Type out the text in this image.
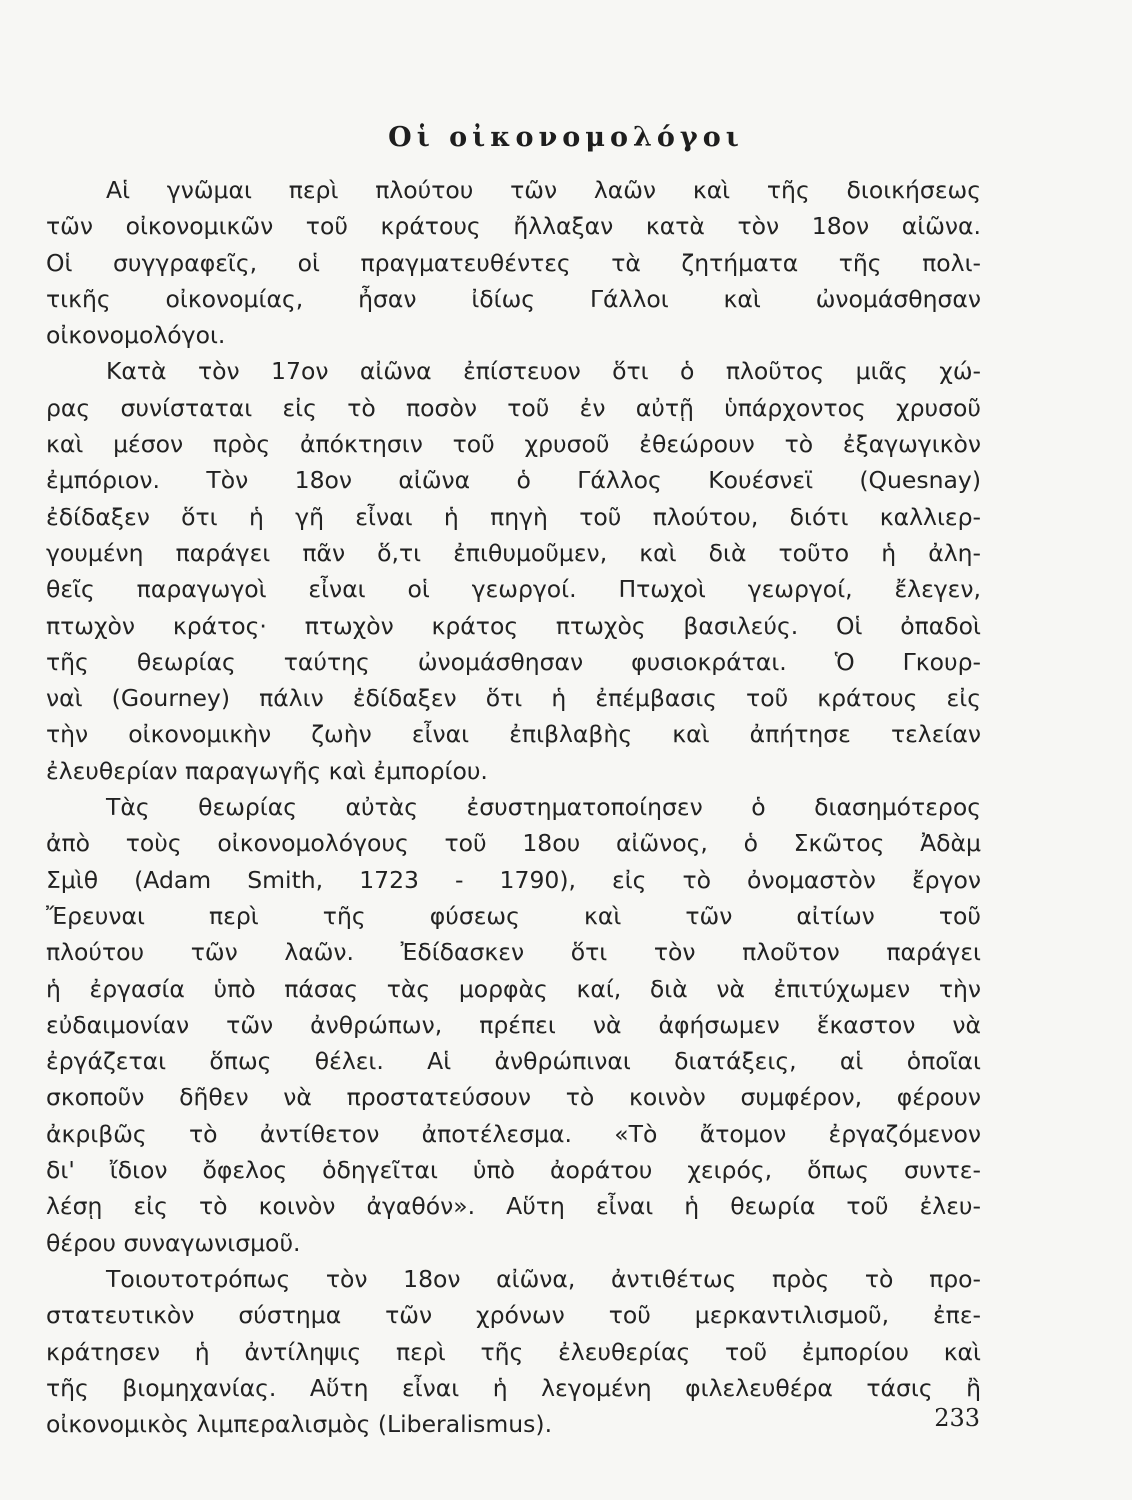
Οἱ οἰκονομολόγοι
Αἱ γνῶμαι περὶ πλούτου τῶν λαῶν καὶ τῆς διοικήσεως
τῶν οἰκονομικῶν τοῦ κράτους ἤλλαξαν κατὰ τὸν 18ον αἰῶνα.
Οἱ συγγραφεῖς, οἱ πραγματευθέντες τὰ ζητήματα τῆς πολι-
τικῆς οἰκονομίας, ἦσαν ἰδίως Γάλλοι καὶ ὠνομάσθησαν
οἰκονομολόγοι.
Κατὰ τὸν 17ον αἰῶνα ἐπίστευον ὅτι ὁ πλοῦτος μιᾶς χώ-
ρας συνίσταται εἰς τὸ ποσὸν τοῦ ἐν αὐτῇ ὑπάρχοντος χρυσοῦ
καὶ μέσον πρὸς ἀπόκτησιν τοῦ χρυσοῦ ἐθεώρουν τὸ ἐξαγωγικὸν
ἐμπόριον. Τὸν 18ον αἰῶνα ὁ Γάλλος Κουέσνεϊ (Quesnay)
ἐδίδαξεν ὅτι ἡ γῆ εἶναι ἡ πηγὴ τοῦ πλούτου, διότι καλλιερ-
γουμένη παράγει πᾶν ὅ,τι ἐπιθυμοῦμεν, καὶ διὰ τοῦτο ἡ ἀλη-
θεῖς παραγωγοὶ εἶναι οἱ γεωργοί. Πτωχοὶ γεωργοί, ἔλεγεν,
πτωχὸν κράτος· πτωχὸν κράτος πτωχὸς βασιλεύς. Οἱ ὀπαδοὶ
τῆς θεωρίας ταύτης ὠνομάσθησαν φυσιοκράται. Ὁ Γκουρ-
ναὶ (Gourney) πάλιν ἐδίδαξεν ὅτι ἡ ἐπέμβασις τοῦ κράτους εἰς
τὴν οἰκονομικὴν ζωὴν εἶναι ἐπιβλαβὴς καὶ ἀπήτησε τελείαν
ἐλευθερίαν παραγωγῆς καὶ ἐμπορίου.
Τὰς θεωρίας αὐτὰς ἐσυστηματοποίησεν ὁ διασημότερος
ἀπὸ τοὺς οἰκονομολόγους τοῦ 18ου αἰῶνος, ὁ Σκῶτος Ἀδὰμ
Σμὶθ (Adam Smith, 1723 - 1790), εἰς τὸ ὀνομαστὸν ἔργον
Ἔρευναι περὶ τῆς φύσεως καὶ τῶν αἰτίων τοῦ
πλούτου τῶν λαῶν. Ἐδίδασκεν ὅτι τὸν πλοῦτον παράγει
ἡ ἐργασία ὑπὸ πάσας τὰς μορφὰς καί, διὰ νὰ ἐπιτύχωμεν τὴν
εὐδαιμονίαν τῶν ἀνθρώπων, πρέπει νὰ ἀφήσωμεν ἕκαστον νὰ
ἐργάζεται ὅπως θέλει. Αἱ ἀνθρώπιναι διατάξεις, αἱ ὁποῖαι
σκοποῦν δῆθεν νὰ προστατεύσουν τὸ κοινὸν συμφέρον, φέρουν
ἀκριβῶς τὸ ἀντίθετον ἀποτέλεσμα. «Τὸ ἄτομον ἐργαζόμενον
δι' ἴδιον ὄφελος ὁδηγεῖται ὑπὸ ἀοράτου χειρός, ὅπως συντε-
λέσῃ εἰς τὸ κοινὸν ἀγαθόν». Αὕτη εἶναι ἡ θεωρία τοῦ ἐλευ-
θέρου συναγωνισμοῦ.
Τοιουτοτρόπως τὸν 18ον αἰῶνα, ἀντιθέτως πρὸς τὸ προ-
στατευτικὸν σύστημα τῶν χρόνων τοῦ μερκαντιλισμοῦ, ἐπε-
κράτησεν ἡ ἀντίληψις περὶ τῆς ἐλευθερίας τοῦ ἐμπορίου καὶ
τῆς βιομηχανίας. Αὕτη εἶναι ἡ λεγομένη φιλελευθέρα τάσις ἢ
οἰκονομικὸς λιμπεραλισμὸς (Liberalismus).	233
